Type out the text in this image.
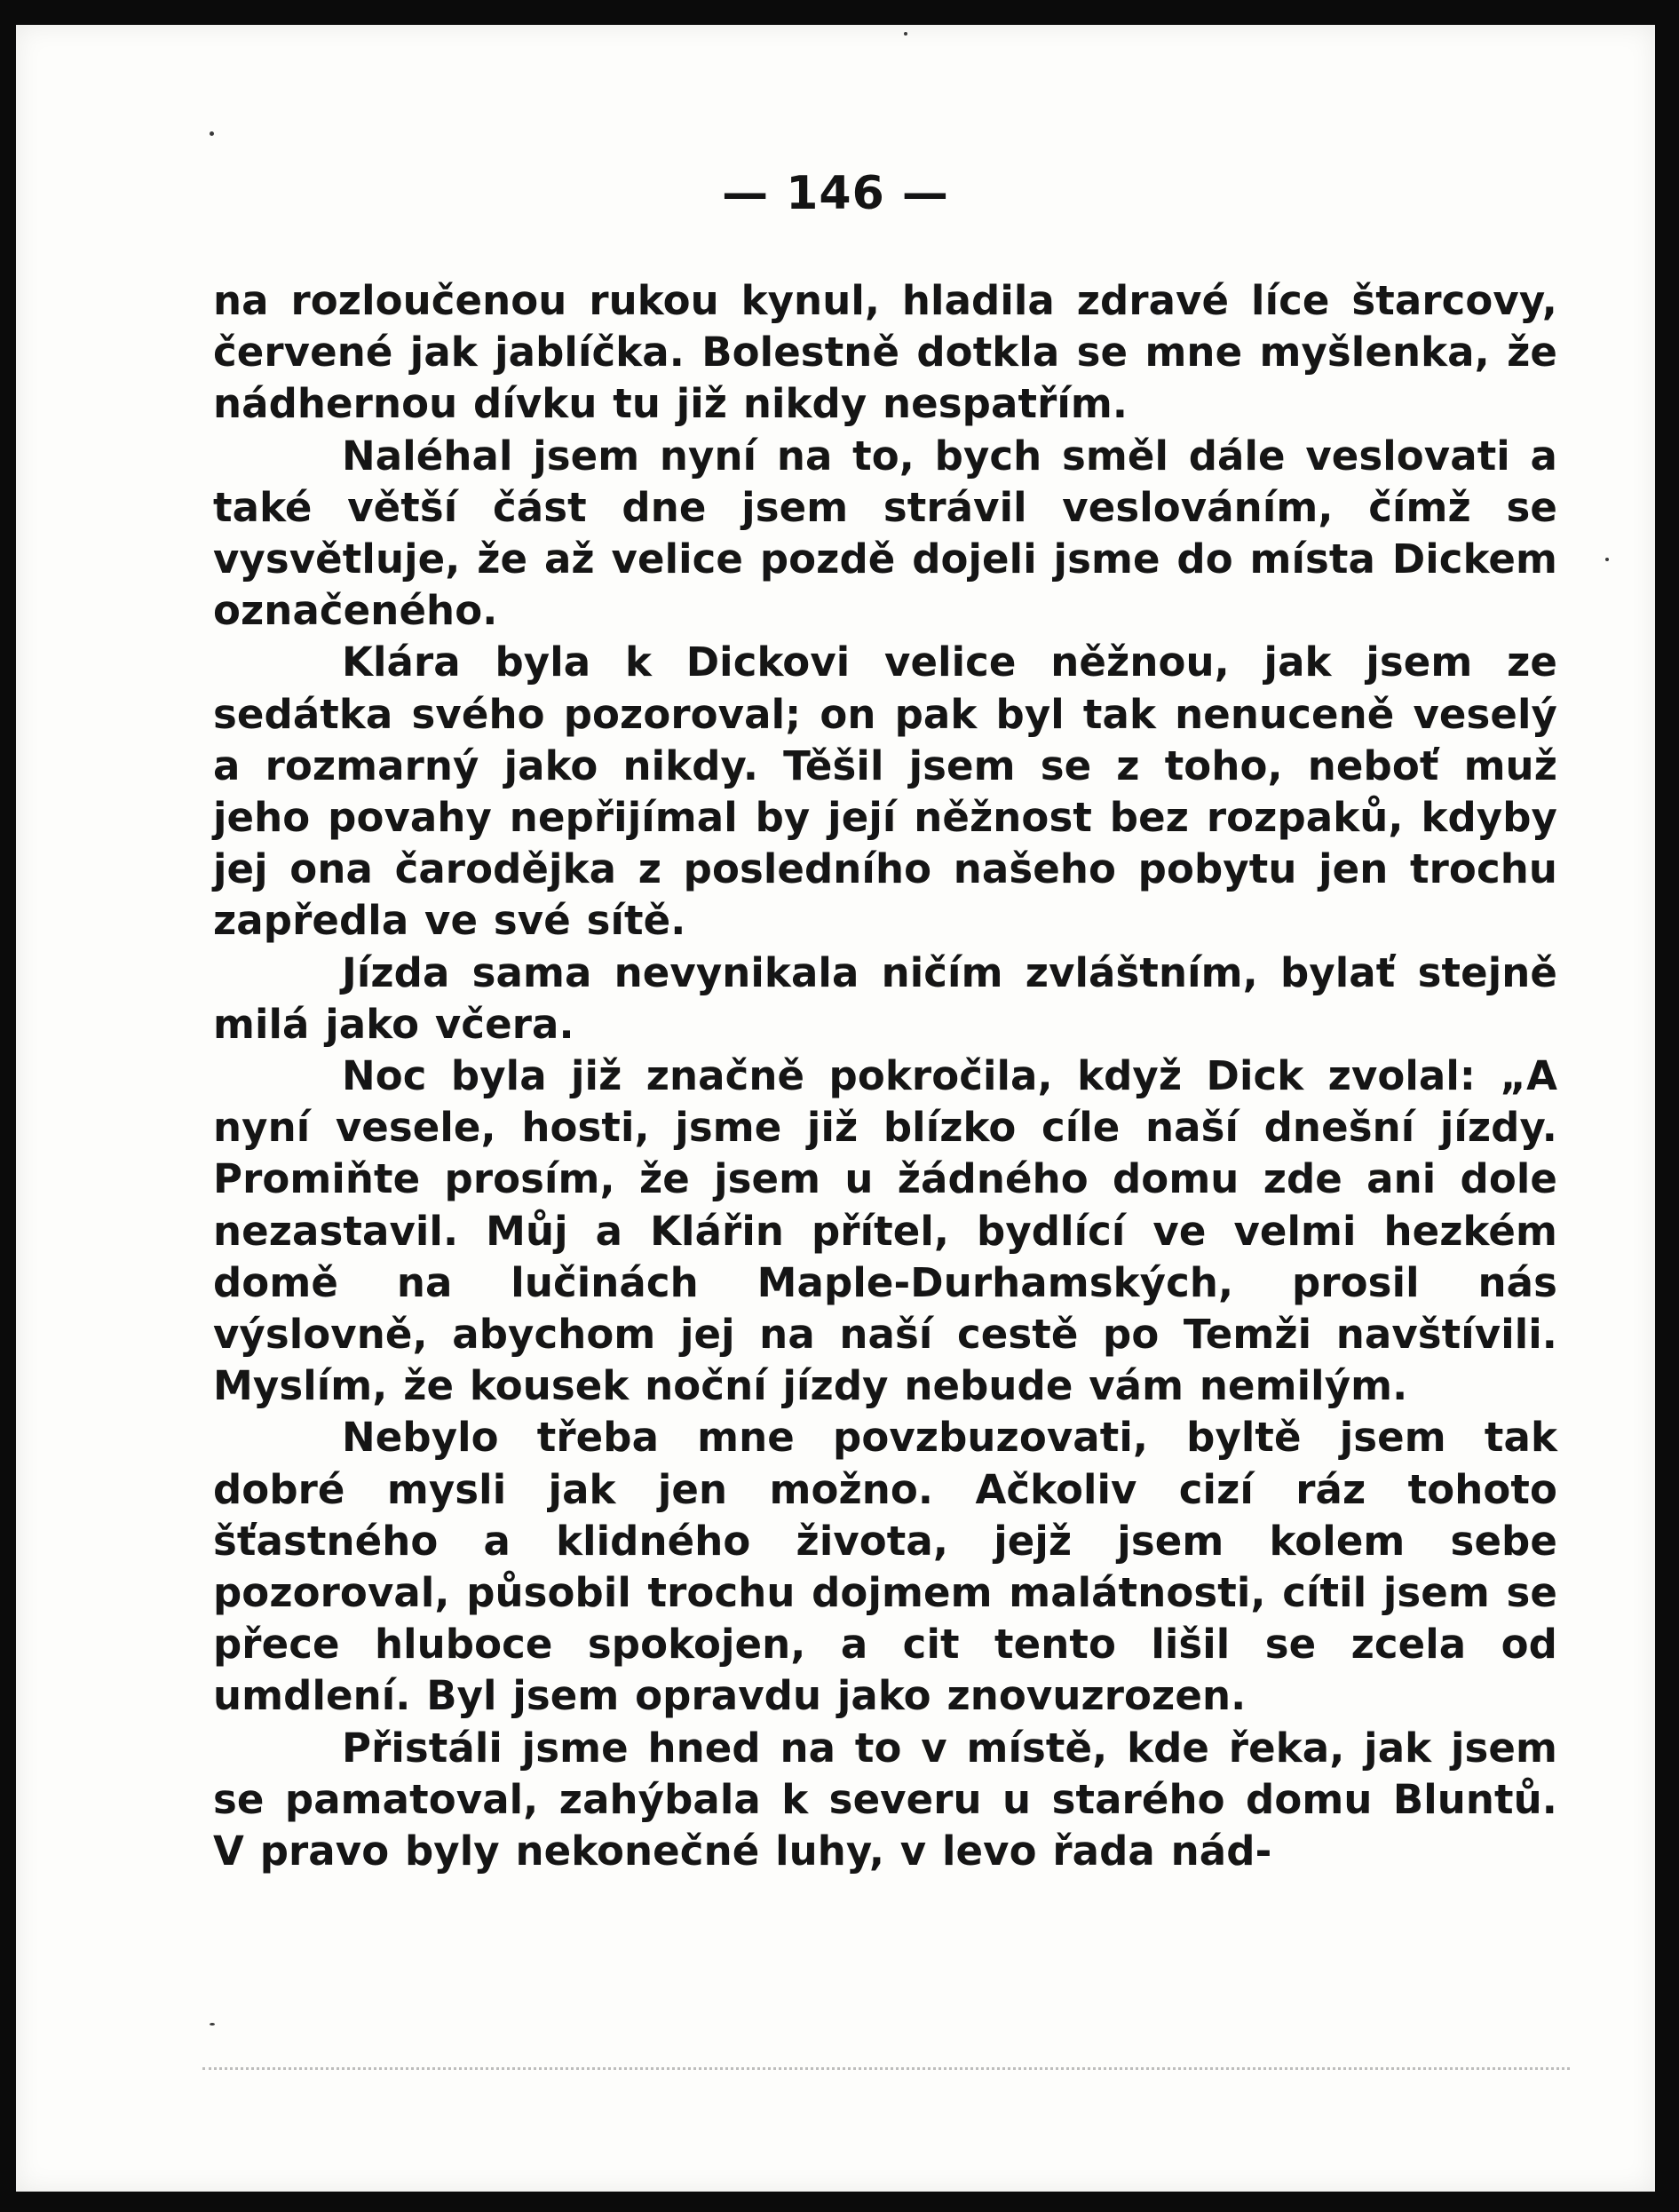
— 146 —

na rozloučenou rukou kynul, hladila zdravé líce štarcovy, červené jak jablíčka. Bolestně dotkla se mne myšlenka, že nádhernou dívku tu již nikdy nespatřím.

Naléhal jsem nyní na to, bych směl dále veslovati a také větší část dne jsem strávil veslováním, čímž se vysvětluje, že až velice pozdě dojeli jsme do místa Dickem označeného.

Klára byla k Dickovi velice něžnou, jak jsem ze sedátka svého pozoroval; on pak byl tak nenuceně veselý a rozmarný jako nikdy. Těšil jsem se z toho, neboť muž jeho povahy nepřijímal by její něžnost bez rozpaků, kdyby jej ona čarodějka z posledního našeho pobytu jen trochu zapředla ve své sítě.

Jízda sama nevynikala ničím zvláštním, bylať stejně milá jako včera.

Noc byla již značně pokročila, když Dick zvolal: „A nyní vesele, hosti, jsme již blízko cíle naší dnešní jízdy. Promiňte prosím, že jsem u žádného domu zde ani dole nezastavil. Můj a Klářin přítel, bydlící ve velmi hezkém domě na lučinách Maple-Durhamských, prosil nás výslovně, abychom jej na naší cestě po Temži navštívili. Myslím, že kousek noční jízdy nebude vám nemilým.

Nebylo třeba mne povzbuzovati, byltě jsem tak dobré mysli jak jen možno. Ačkoliv cizí ráz tohoto šťastného a klidného života, jejž jsem kolem sebe pozoroval, působil trochu dojmem malátnosti, cítil jsem se přece hluboce spokojen, a cit tento lišil se zcela od umdlení. Byl jsem opravdu jako znovuzrozen.

Přistáli jsme hned na to v místě, kde řeka, jak jsem se pamatoval, zahýbala k severu u starého domu Bluntů. V pravo byly nekonečné luhy, v levo řada nád-
